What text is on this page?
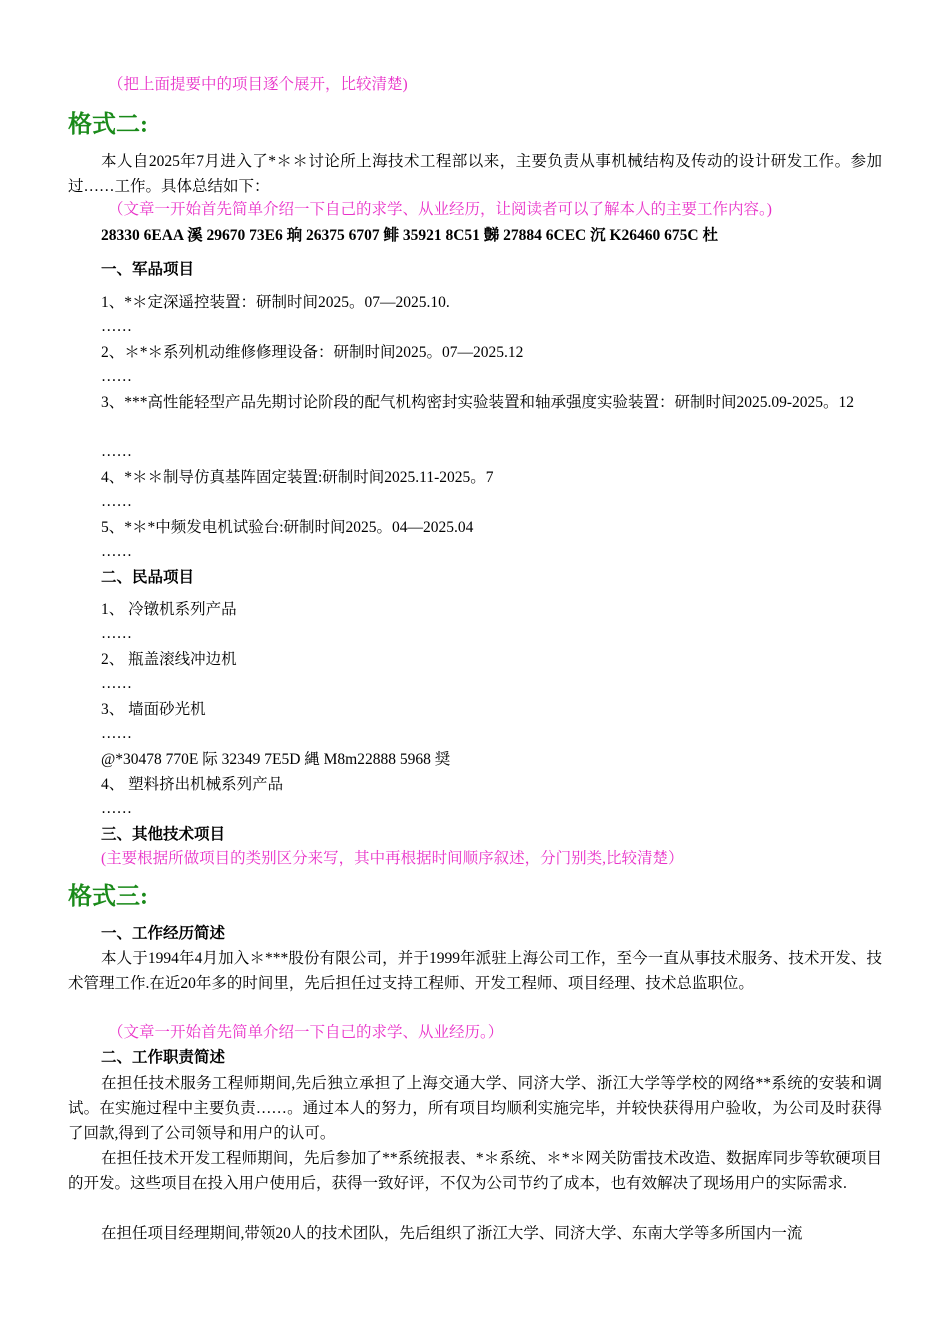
（把上面提要中的项目逐个展开，比较清楚)
格式二:
本人自2025年7月进入了*＊＊讨论所上海技术工程部以来，主要负责从事机械结构及传动的设计研发工作。参加过……工作。具体总结如下：
（文章一开始首先简单介绍一下自己的求学、从业经历，让阅读者可以了解本人的主要工作内容。)
28330 6EAA 溪 29670 73E6 珦 26375 6707 鲱 35921 8C51 豑 27884 6CEC 沉 K26460 675C 杜
一、军品项目
1、*＊定深遥控装置：研制时间2025。07—2025.10.
……
2、＊*＊系列机动维修修理设备：研制时间2025。07—2025.12
……
3、***高性能轻型产品先期讨论阶段的配气机构密封实验装置和轴承强度实验装置：研制时间2025.09-2025。12
……
4、*＊＊制导仿真基阵固定装置:研制时间2025.11-2025。7
……
5、*＊*中频发电机试验台:研制时间2025。04—2025.04
……
二、民品项目
1、 冷镦机系列产品
……
2、 瓶盖滚线冲边机
……
3、 墙面砂光机
……
@*30478 770E 际 32349 7E5D 縄 M8m22888 5968 奨
4、 塑料挤出机械系列产品
……
三、其他技术项目
(主要根据所做项目的类别区分来写，其中再根据时间顺序叙述，分门别类,比较清楚）
格式三:
一、工作经历简述
本人于1994年4月加入＊***股份有限公司，并于1999年派驻上海公司工作，至今一直从事技术服务、技术开发、技术管理工作.在近20年多的时间里，先后担任过支持工程师、开发工程师、项目经理、技术总监职位。
（文章一开始首先简单介绍一下自己的求学、从业经历。）
二、工作职责简述
在担任技术服务工程师期间,先后独立承担了上海交通大学、同济大学、浙江大学等学校的网络**系统的安装和调试。在实施过程中主要负责……。通过本人的努力，所有项目均顺利实施完毕，并较快获得用户验收，为公司及时获得了回款,得到了公司领导和用户的认可。
在担任技术开发工程师期间，先后参加了**系统报表、*＊系统、＊*＊网关防雷技术改造、数据库同步等软硬项目的开发。这些项目在投入用户使用后，获得一致好评，不仅为公司节约了成本，也有效解决了现场用户的实际需求.
在担任项目经理期间,带领20人的技术团队，先后组织了浙江大学、同济大学、东南大学等多所国内一流
